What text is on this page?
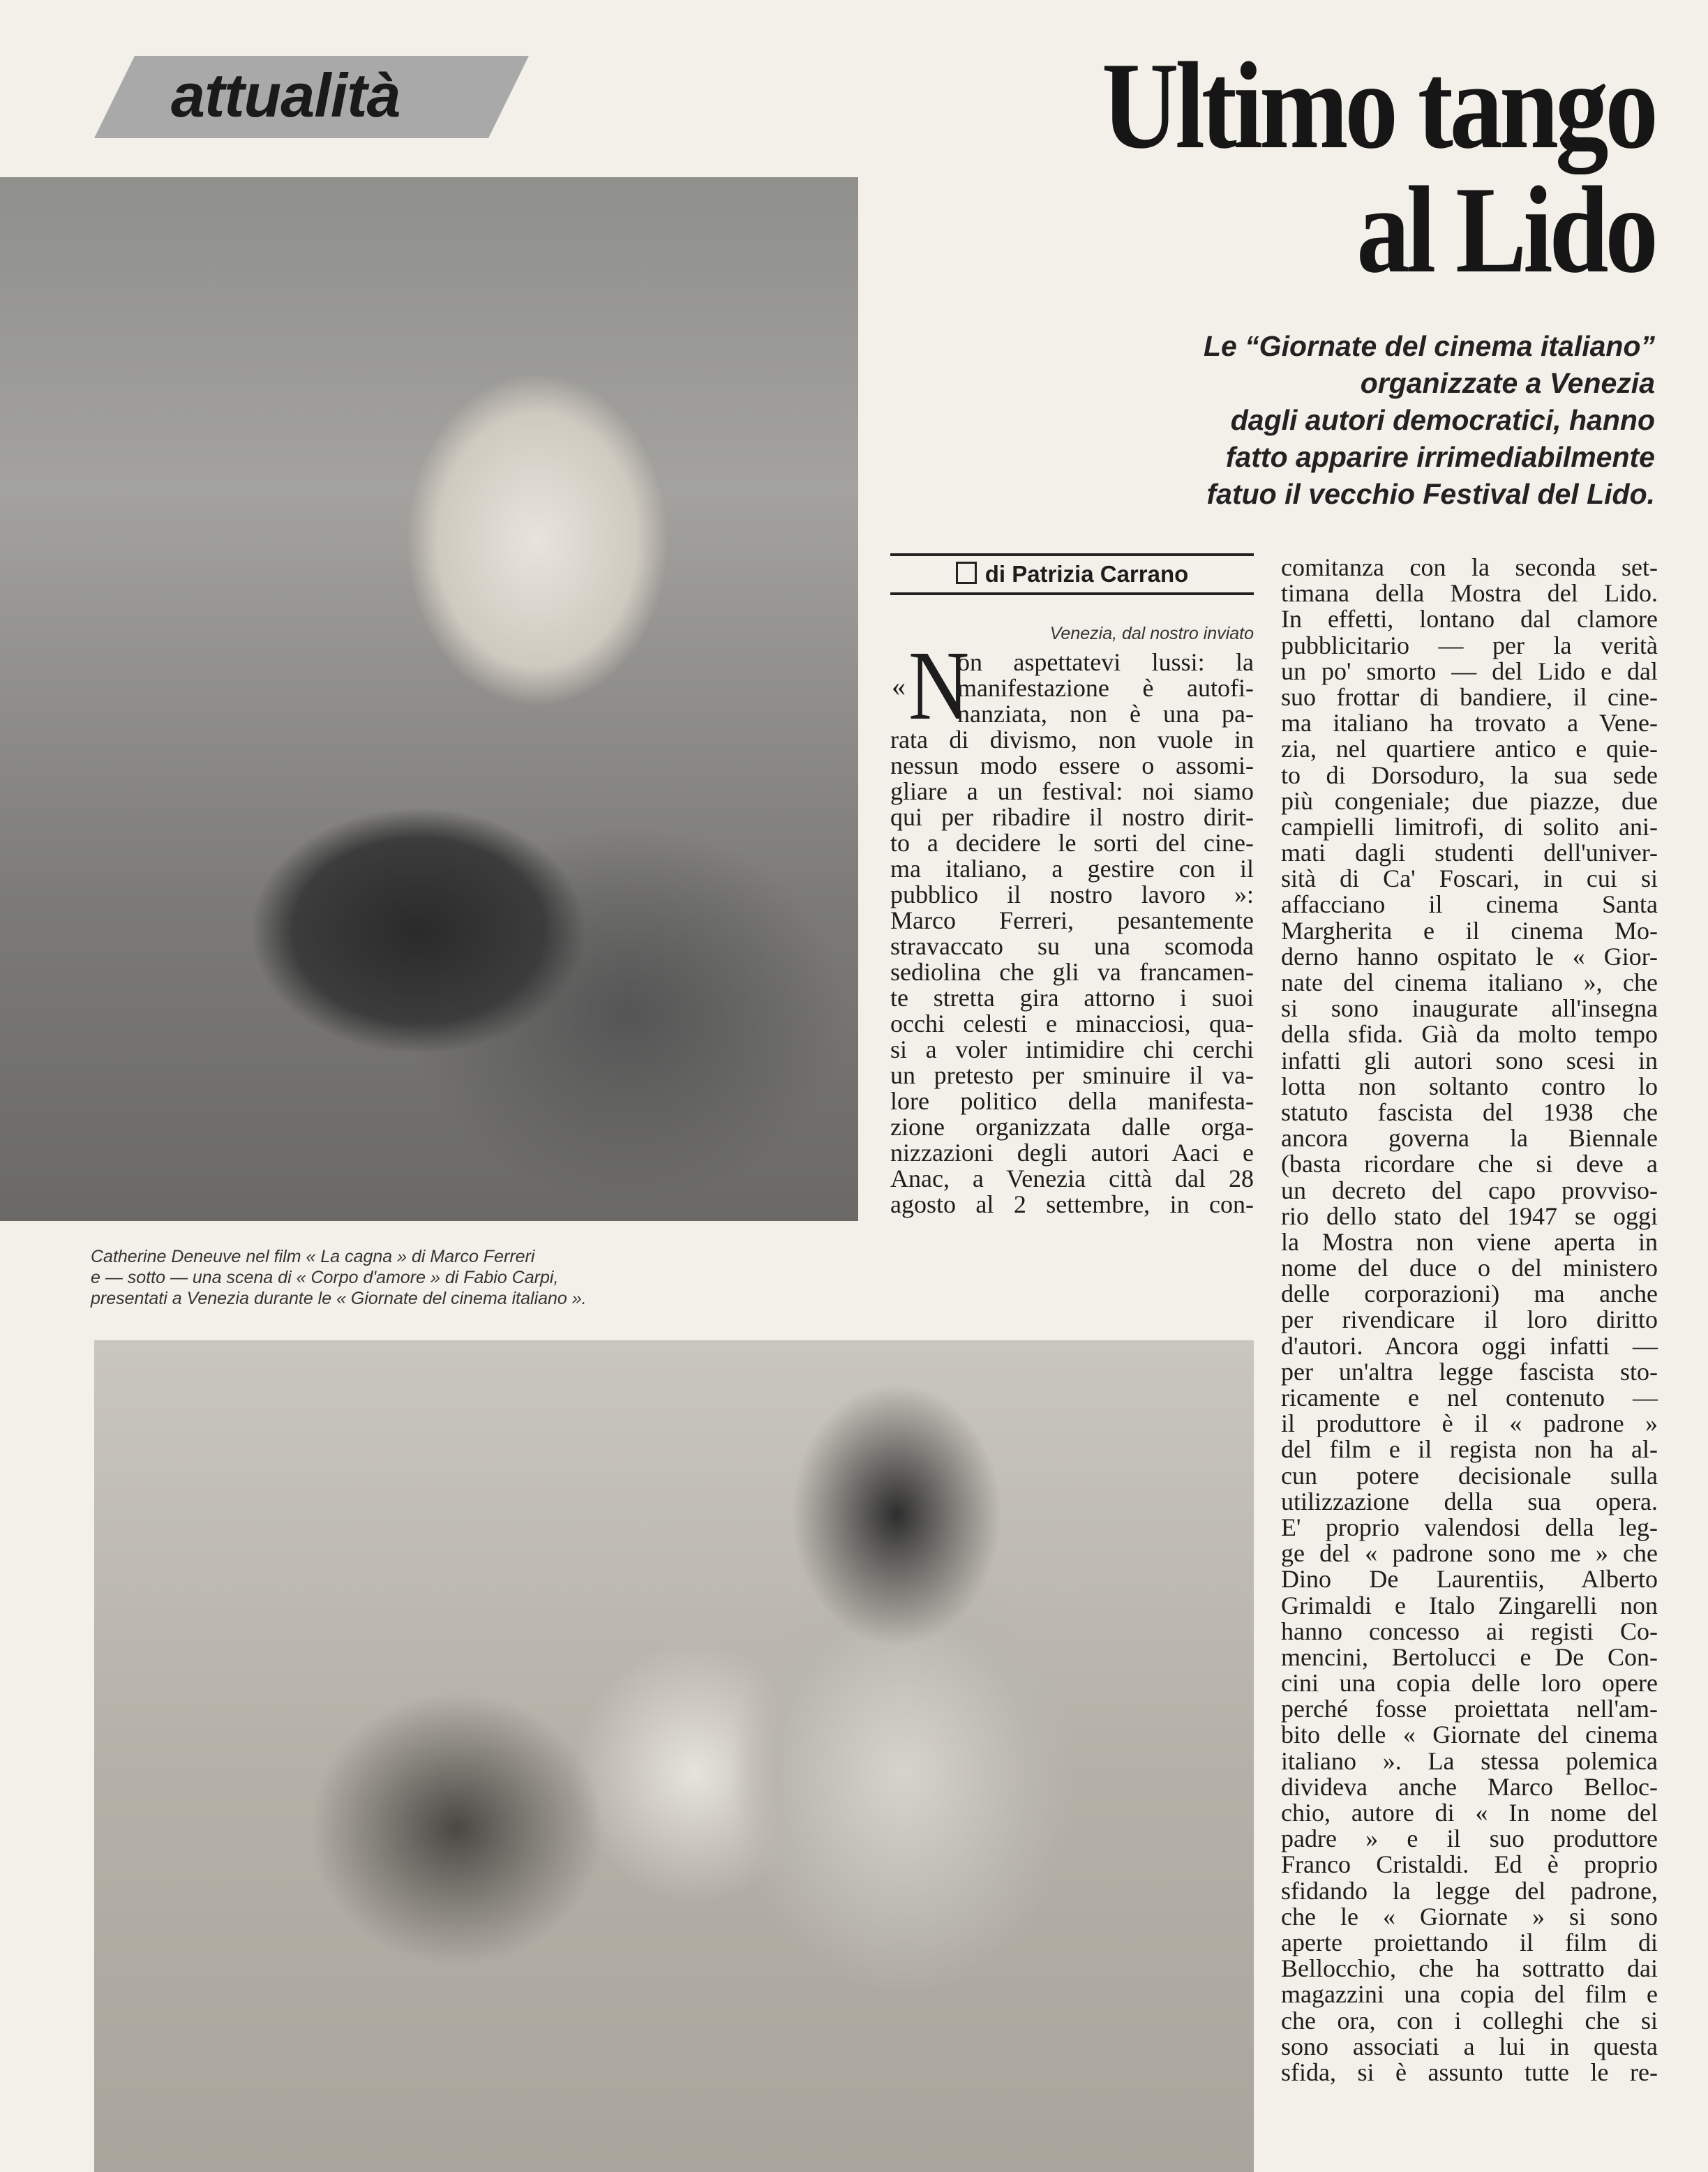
attualità	Ultimo tango
al Lido
Le “Giornate del cinema italiano”
organizzate a Venezia
dagli autori democratici, hanno
fatto apparire irrimediabilmente
fatuo il vecchio Festival del Lido.
Catherine Deneuve nel film « La cagna » di Marco Ferreri
e — sotto — una scena di « Corpo d'amore » di Fabio Carpi,
presentati a Venezia durante le « Giornate del cinema italiano ».
di Patrizia Carrano
Venezia, dal nostro inviato
« N
on aspettatevi lussi: la
manifestazione è autofi-
nanziata, non è una pa-
rata di divismo, non vuole in
nessun modo essere o assomi-
gliare a un festival: noi siamo
qui per ribadire il nostro dirit-
to a decidere le sorti del cine-
ma italiano, a gestire con il
pubblico il nostro lavoro »:
Marco Ferreri, pesantemente
stravaccato su una scomoda
sediolina che gli va francamen-
te stretta gira attorno i suoi
occhi celesti e minacciosi, qua-
si a voler intimidire chi cerchi
un pretesto per sminuire il va-
lore politico della manifesta-
zione organizzata dalle orga-
nizzazioni degli autori Aaci e
Anac, a Venezia città dal 28
agosto al 2 settembre, in con-
comitanza con la seconda set-
timana della Mostra del Lido.
In effetti, lontano dal clamore
pubblicitario — per la verità
un po' smorto — del Lido e dal
suo frottar di bandiere, il cine-
ma italiano ha trovato a Vene-
zia, nel quartiere antico e quie-
to di Dorsoduro, la sua sede
più congeniale; due piazze, due
campielli limitrofi, di solito ani-
mati dagli studenti dell'univer-
sità di Ca' Foscari, in cui si
affacciano il cinema Santa
Margherita e il cinema Mo-
derno hanno ospitato le « Gior-
nate del cinema italiano », che
si sono inaugurate all'insegna
della sfida. Già da molto tempo
infatti gli autori sono scesi in
lotta non soltanto contro lo
statuto fascista del 1938 che
ancora governa la Biennale
(basta ricordare che si deve a
un decreto del capo provviso-
rio dello stato del 1947 se oggi
la Mostra non viene aperta in
nome del duce o del ministero
delle corporazioni) ma anche
per rivendicare il loro diritto
d'autori. Ancora oggi infatti —
per un'altra legge fascista sto-
ricamente e nel contenuto —
il produttore è il « padrone »
del film e il regista non ha al-
cun potere decisionale sulla
utilizzazione della sua opera.
E' proprio valendosi della leg-
ge del « padrone sono me » che
Dino De Laurentiis, Alberto
Grimaldi e Italo Zingarelli non
hanno concesso ai registi Co-
mencini, Bertolucci e De Con-
cini una copia delle loro opere
perché fosse proiettata nell'am-
bito delle « Giornate del cinema
italiano ». La stessa polemica
divideva anche Marco Belloc-
chio, autore di « In nome del
padre » e il suo produttore
Franco Cristaldi. Ed è proprio
sfidando la legge del padrone,
che le « Giornate » si sono
aperte proiettando il film di
Bellocchio, che ha sottratto dai
magazzini una copia del film e
che ora, con i colleghi che si
sono associati a lui in questa
sfida, si è assunto tutte le re-
